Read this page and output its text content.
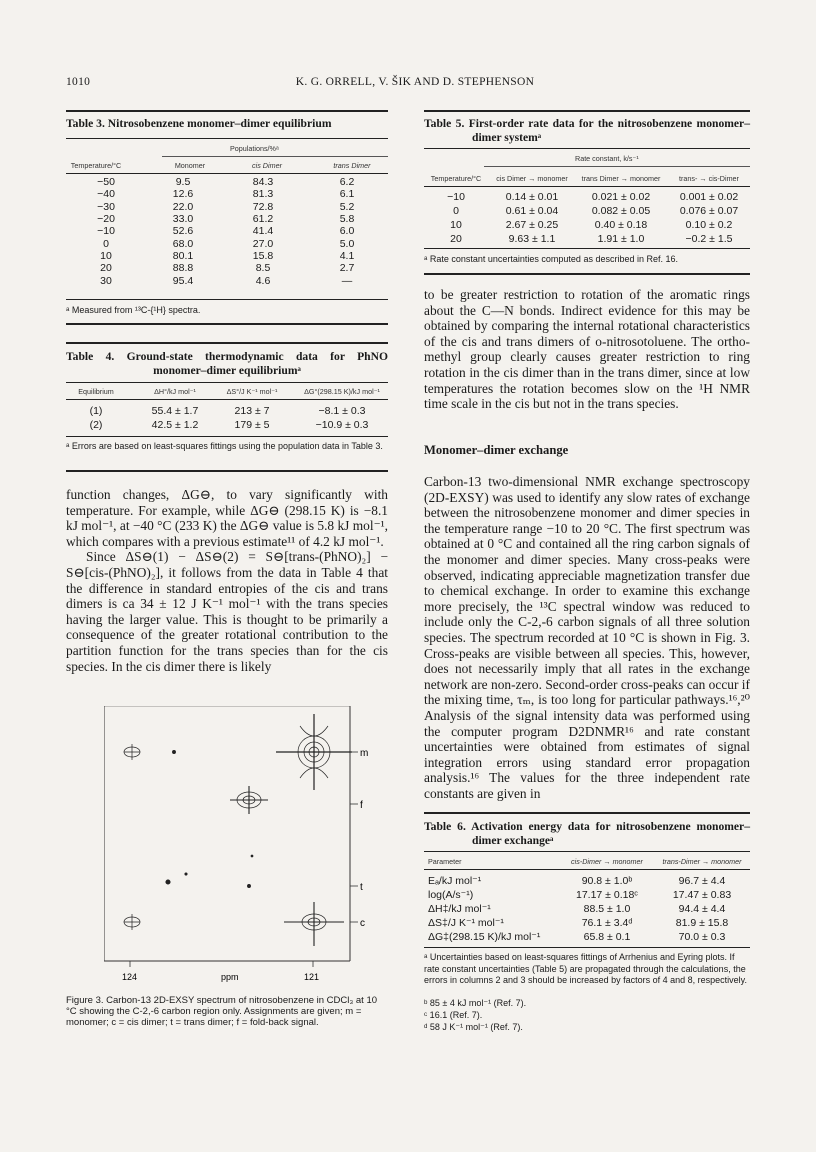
1010	K. G. ORRELL, V. ŠIK AND D. STEPHENSON
Table 3. Nitrosobenzene monomer–dimer equilibrium
Populations/%ᵃ
Temperature/°C	Monomer	cis Dimer	trans Dimer
−50	9.5	84.3	6.2
−40	12.6	81.3	6.1
−30	22.0	72.8	5.2
−20	33.0	61.2	5.8
−10	52.6	41.4	6.0
0	68.0	27.0	5.0
10	80.1	15.8	4.1
20	88.8	8.5	2.7
30	95.4	4.6	—
ᵃ Measured from ¹³C-{¹H} spectra.
Table 4. Ground-state thermodynamic data for PhNO
monomer–dimer equilibriumᵃ
Equilibrium	ΔH°/kJ mol⁻¹	ΔS°/J K⁻¹ mol⁻¹	ΔG°(298.15 K)/kJ mol⁻¹
(1)	55.4 ± 1.7	213 ± 7	−8.1 ± 0.3
(2)	42.5 ± 1.2	179 ± 5	−10.9 ± 0.3
ᵃ Errors are based on least-squares fittings using the population data in Table 3.

function changes, ΔG⊖, to vary significantly with temperature. For example, while ΔG⊖ (298.15 K) is −8.1 kJ mol⁻¹, at −40 °C (233 K) the ΔG⊖ value is 5.8 kJ mol⁻¹, which compares with a previous estimate¹¹ of 4.2 kJ mol⁻¹.

Since ΔS⊖(1) − ΔS⊖(2) = S⊖[trans-(PhNO)₂] − S⊖[cis-(PhNO)₂], it follows from the data in Table 4 that the difference in standard entropies of the cis and trans dimers is ca 34 ± 12 J K⁻¹ mol⁻¹ with the trans species having the larger value. This is thought to be primarily a consequence of the greater rotational contribution to the partition function for the trans species than for the cis species. In the cis dimer there is likely

m
f
t
c
124	ppm	121
Figure 3. Carbon-13 2D-EXSY spectrum of nitrosobenzene in CDCl₃ at 10 °C showing the C-2,-6 carbon region only. Assignments are given; m = monomer; c = cis dimer; t = trans dimer; f = fold-back signal.
Table 5. First-order rate data for the nitrosobenzene monomer–
dimer systemᵃ
Rate constant, k/s⁻¹
Temperature/°C	cis Dimer → monomer	trans Dimer → monomer	trans- → cis-Dimer
−10	0.14 ± 0.01	0.021 ± 0.02	0.001 ± 0.02
0	0.61 ± 0.04	0.082 ± 0.05	0.076 ± 0.07
10	2.67 ± 0.25	0.40 ± 0.18	0.10 ± 0.2
20	9.63 ± 1.1	1.91 ± 1.0	−0.2 ± 1.5
ᵃ Rate constant uncertainties computed as described in Ref. 16.
to be greater restriction to rotation of the aromatic rings about the C—N bonds. Indirect evidence for this may be obtained by comparing the internal rotational characteristics of the cis and trans dimers of o-nitrosotoluene. The ortho-methyl group clearly causes greater restriction to ring rotation in the cis dimer than in the trans dimer, since at low temperatures the rotation becomes slow on the ¹H NMR time scale in the cis but not in the trans species.
Monomer–dimer exchange
Carbon-13 two-dimensional NMR exchange spectroscopy (2D-EXSY) was used to identify any slow rates of exchange between the nitrosobenzene monomer and dimer species in the temperature range −10 to 20 °C. The first spectrum was obtained at 0 °C and contained all the ring carbon signals of the monomer and dimer species. Many cross-peaks were observed, indicating appreciable magnetization transfer due to chemical exchange. In order to examine this exchange more precisely, the ¹³C spectral window was reduced to include only the C-2,-6 carbon signals of all three solution species. The spectrum recorded at 10 °C is shown in Fig. 3. Cross-peaks are visible between all species. This, however, does not necessarily imply that all rates in the exchange network are non-zero. Second-order cross-peaks can occur if the mixing time, τₘ, is too long for particular pathways.¹⁶,²⁰ Analysis of the signal intensity data was performed using the computer program D2DNMR¹⁶ and rate constant uncertainties were obtained from estimates of signal integration errors using standard error propagation analysis.¹⁶ The values for the three independent rate constants are given in
Table 6. Activation energy data for nitrosobenzene monomer–
dimer exchangeᵃ
Parameter	cis-Dimer → monomer	trans-Dimer → monomer
Eₐ/kJ mol⁻¹	90.8 ± 1.0ᵇ	96.7 ± 4.4
log(A/s⁻¹)	17.17 ± 0.18ᶜ	17.47 ± 0.83
ΔH‡/kJ mol⁻¹	88.5 ± 1.0	94.4 ± 4.4
ΔS‡/J K⁻¹ mol⁻¹	76.1 ± 3.4ᵈ	81.9 ± 15.8
ΔG‡(298.15 K)/kJ mol⁻¹	65.8 ± 0.1	70.0 ± 0.3
ᵃ Uncertainties based on least-squares fittings of Arrhenius and Eyring plots. If rate constant uncertainties (Table 5) are propagated through the calculations, the errors in columns 2 and 3 should be increased by factors of 4 and 8, respectively.
ᵇ 85 ± 4 kJ mol⁻¹ (Ref. 7).
ᶜ 16.1 (Ref. 7).
ᵈ 58 J K⁻¹ mol⁻¹ (Ref. 7).
